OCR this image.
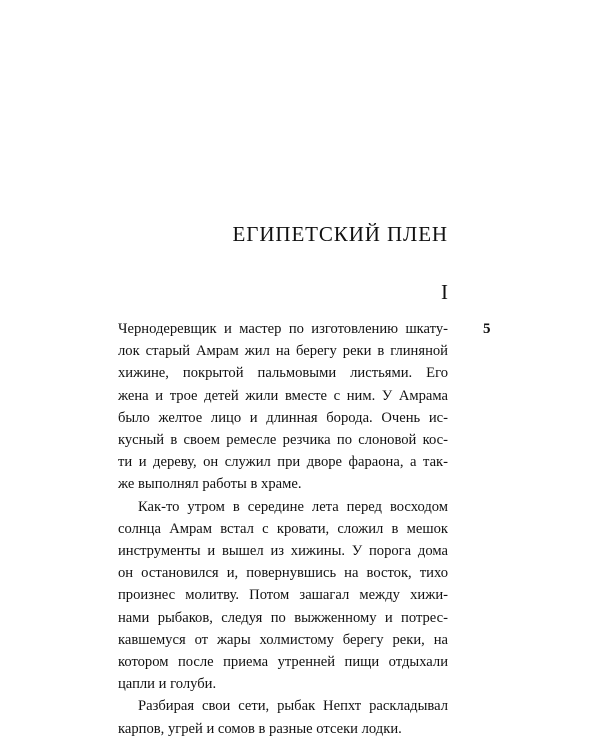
ЕГИПЕТСКИЙ ПЛЕН
I
5
Чернодеревщик и мастер по изготовлению шкату-
лок старый Амрам жил на берегу реки в глиняной
хижине, покрытой пальмовыми листьями. Его
жена и трое детей жили вместе с ним. У Амрама
было желтое лицо и длинная борода. Очень ис-
кусный в своем ремесле резчика по слоновой кос-
ти и дереву, он служил при дворе фараона, а так-
же выполнял работы в храме.
Как-то утром в середине лета перед восходом
солнца Амрам встал с кровати, сложил в мешок
инструменты и вышел из хижины. У порога дома
он остановился и, повернувшись на восток, тихо
произнес молитву. Потом зашагал между хижи-
нами рыбаков, следуя по выжженному и потрес-
кавшемуся от жары холмистому берегу реки, на
котором после приема утренней пищи отдыхали
цапли и голуби.
Разбирая свои сети, рыбак Непхт раскладывал
карпов, угрей и сомов в разные отсеки лодки.
